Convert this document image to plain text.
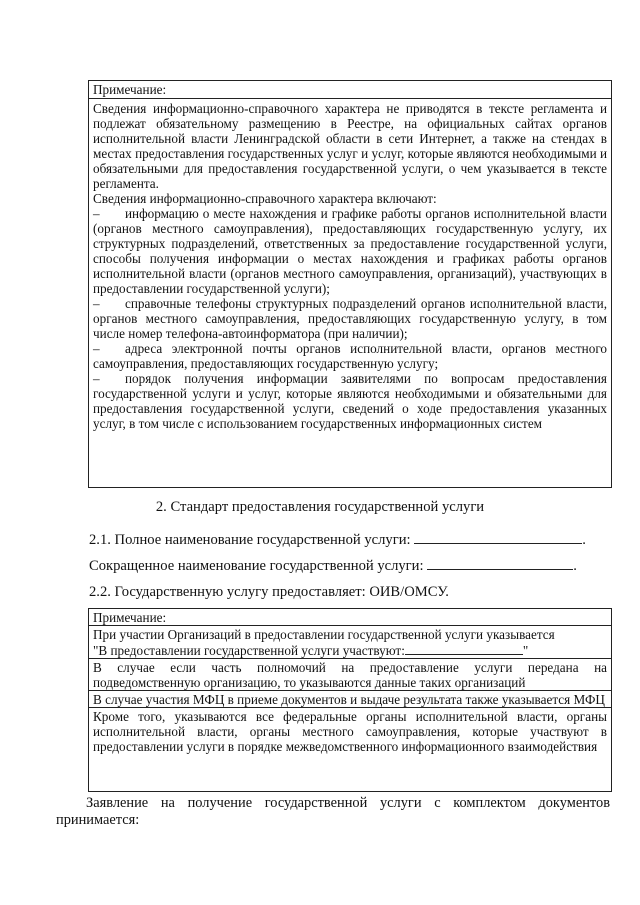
Примечание:

Сведения информационно-справочного характера не приводятся в тексте регламента и подлежат обязательному размещению в Реестре, на официальных сайтах органов исполнительной власти Ленинградской области в сети Интернет, а также на стендах в местах предоставления государственных услуг и услуг, которые являются необходимыми и обязательными для предоставления государственной услуги, о чем указывается в тексте регламента.

Сведения информационно-справочного характера включают:

– информацию о месте нахождения и графике работы органов исполнительной власти (органов местного самоуправления), предоставляющих государственную услугу, их структурных подразделений, ответственных за предоставление государственной услуги, способы получения информации о местах нахождения и графиках работы органов исполнительной власти (органов местного самоуправления, организаций), участвующих в предоставлении государственной услуги);

– справочные телефоны структурных подразделений органов исполнительной власти, органов местного самоуправления, предоставляющих государственную услугу, в том числе номер телефона-автоинформатора (при наличии);

– адреса электронной почты органов исполнительной власти, органов местного самоуправления, предоставляющих государственную услугу;

– порядок получения информации заявителями по вопросам предоставления государственной услуги и услуг, которые являются необходимыми и обязательными для предоставления государственной услуги, сведений о ходе предоставления указанных услуг, в том числе с использованием государственных информационных систем

2. Стандарт предоставления государственной услуги
2.1. Полное наименование государственной услуги:	.
Сокращенное наименование государственной услуги:	.
2.2. Государственную услугу предоставляет: ОИВ/ОМСУ.

Примечание:

При участии Организаций в предоставлении государственной услуги указывается

"В предоставлении государственной услуги участвуют:	"

В случае если часть полномочий на предоставление услуги передана на подведомственную организацию, то указываются данные таких организаций

В случае участия МФЦ в приеме документов и выдаче результата также указывается МФЦ

Кроме того, указываются все федеральные органы исполнительной власти, органы исполнительной власти, органы местного самоуправления, которые участвуют в предоставлении услуги в порядке межведомственного информационного взаимодействия

Заявление на получение государственной услуги с комплектом документов принимается:
